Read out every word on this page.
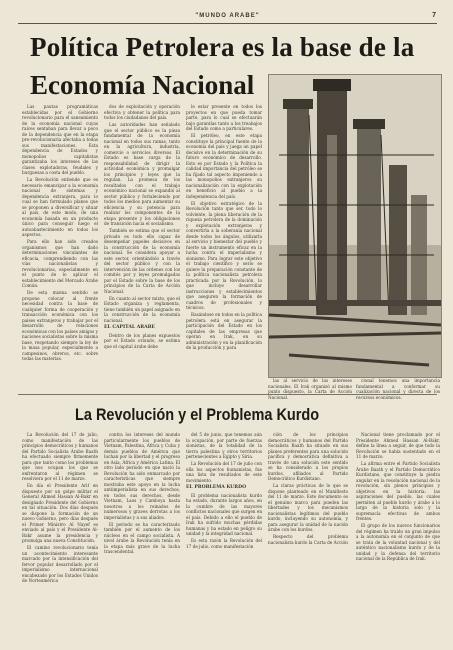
"MUNDO ARABE"	7
Política Petrolera es la base de la
Economía Nacional

Las pautas programáticas establecidas por el Gobierno revolucionario para el saneamiento de la economía nacional cuyas raíces sentaban para llevar a poco de la dependencia que en la etapa pre-revolucionaria afectaba a todas sus manifestaciones. Esta dependencia de Estados y monopolios capitalistas garantizaba los intereses de las clases explotadoras, feudales y burguesas a costa del pueblo.

La Revolución entiende que es necesario emancipar a la economía nacional de sistemas y dependencia extranjera, para lo cual se han formulado planes que se proponen a diversificar y situar al país, de este modo, de una economía basada en un producto único para conseguir luego el autoabastecimiento en todos los aspectos.

Para ello han sido creados organismos que han dado determinaciones vinculantes de eficacia, comprendiendo con las vías nacionalistas y revolucionarias, especialmente en el punto de lo aplicar el establecimiento del Mercado Árabe Común.

De esta misma sentido se propone colocar al frente necesidad contra la base de cualquier forma de cooperación y transacción económica con los países extranjeros y trabajar por el desarrollo de relaciones económicas con los países amigos y naciones socialistas sobre la misma base, respetando siempre la ley de la masa popular, especialmente a campesinos, obreros, etc. sobre todas las materias.

dos de exploitación y operación efectiva y obtener la política para todos los ciudadanos del país.

Las autoridades han señalado que el sector público es la pieza fundamental de la economía nacional en todos sus ramas, tanto en la agricultura, industria, comercio o servicios diversos. El Estado es base carga de la responsabilidad de dirigir la actividad económica y promulgar los principios y leyes que la regulan. La promesa de los resultados con el trabajo económico nacional se expandió al sector público y fortaleciendo por todos los medios para aumentar su eficiencia y su potencia para realizar los componentes de la etapa presente y los obligaciones de transición hacia el socialismo.

También se estima que el sector privado es todo ello capaz de desempeñar papeles decisivos en la construcción de la economía nacional. Se considera apoyar a este sector, orientándolo a través del sector público y con la intervención de las ordenes con los comités por y leyes promulgadas por el Estado sobre la base de los principios de la Carta de Acción Nacional.

En cuanto al sector mixto, que el Estado organiza y reglamenta, tiene también un papel asignado en la construcción de la economía nacional.

EL CAPITAL ARABE

Dentro de los planes expuestos por el Estado oriundo, se estima que el capital árabe debe

le estar presente en todos los proyectos en que pueda tomar parte, para lo cual se efectuarán bajo garantías tanto a los treabajos del Estado como a particulares.

El petróleo, en este etapa constituye la principal fuente de la economía del país y juega un papel decisivo en la determinación de su futuro económico de desarrollo. Esto es por Estado y la Política la calidad importancia del petróleo se ha fijado tal aspecto imponiendo a las monopolios extranjeros su nacionalización con la explotación en beneficio al pueblo a la independencia del país.

El objetivo estratégico de la Revolución tanto que ser, todo lo volviente, la plena liberación de la riqueza petrolera de la dominación y explotación extranjeras y convertirla a la soberanía nacional desde todos los ángulos, utilizarla al servicio y bienestar del pueblo y fuerte un instrumento eficaz en la lucha contra el imperialismo y sionismo. Para lograr este objetivo el trabajo científico y serio se quiere la preparación constante de la política nacionalista petrolera practicada por la Revolución, lo que incluye desarrollar instrucciones y establecimientos que aseguren la formación de cuadros de profesionales y técnicos.

Basándose en todos en la política petrolera está en asegurar la participación del Estado en los capitales de las empresas que operan en Irak, en su administración y en la planificación de la producción y para

las al servicio de las intereses nacionales. El Irak organizó al mismo punto dispuesto, la Carta de Acción Nacional.

cional tenemos una importancia fundamental a conformar su cualización nacional y directa de los recursos económicos.

La Revolución y el Problema Kurdo

La Revolución del 17 de julio, como manifestación de las principios democráticos y humanos del Partido Socialista Árabe Baath ha efectuado siempre firmemente para que tanto como los problemas que nos ocupan los que se enfrentaron al régimen se resolviera por el 11 de marzo.

En día el Presidente Arif en dispuesto por un golpe militar el General Ahmed Hassan Al-Bakr en designado Presidente del Gobierno en tal situación. Dos días después se dispone la formación de un nuevo Gobierno, pero días después el Primer Ministro Al Nayef es enviado al país y el Presidente Al-Bakr asume la presidencia y promulga una nueva Constitución.

El camino revolucionario tenía un acontecimiento interesante marcado por la intensificación del fervor popular desarrollado por el imperialismo internacional encabezado por los Estados Unidos de Norteamérica

contra los intereses del mundo particularmente los pueblos de Vietnam, Palestina, África y Cuba y demás pueblos de América que luchan por la libertad y el progreso en Asia, África y América Latina. El otro lado periodo en que nació la Revolución ha sido enmarcado por características que siempre mostraba este apoyo en la lucha antiimperialista en sus derechos, en todos sus derechos, desde Vietnam, Laos y Camboya hasta nosotros a los reinados de numerosos y graves derrotas a los imperialistas y a sus aliados.

El periodo se ha caracterizado también por el aumento de los núcleos en el campo socialista. A nivel árabe la Revolución tenía en la etapa más grave de la lucha trascendental.

del 5 de junio, que tenemos aún la ocupación, por parte de fuerzas sionistas, de la totalidad de la tierra palestina y otros territorios pertenecientes a Egipto y Siria.

La Revolución del 17 de julio con ella los aspectos humanistas, fue una lista de resultados de este movimiento.

EL PROBLEMA KURDO

El problema nacionalista kurdo ha estado, durante largos años, en la cumbre de las mayores conflictos nacionales que surgen en el país. Debido a ello el pueblo de Irak ha sufrido muchas pérdidas humanas y ha estado en peligro su unidad y la integridad nacional.

Es esta razón la Revolución del 17 de julio, como manifestación

ción de los principios democráticos y humanos del Partido Socialista Baath ha situado en sus planes preferentes para una solución pacífica y democrática definitiva a través de una solución este sentido se ha considerado a los propios kurdos, afiliados al Partido Democrático Kurdistano.

La claras prácticas de lo que se dispone planteado en el Manifiesto del 11 de marzo. Este documento es el genuino marco para pueden las libertades y los mecanismos nacionalistas legítimos del pueblo kurdo, incluyendo su autonomía, y para asegurar la unidad de la nación árabe con los kurdos.

Respecto del problema nacionalista kurdo la Carta de Acción

Nacional tiene proclamado por el Presidente Ahmed Hassan Al-Bakr, define la línea a seguir, de que todo la Revolución se había sustentado en el 11 de marzo.

La afirma entre el Partido Socialista Árabe Baath y el Partido Democrático Kurdistano, que constituye la piedra angular en la resolución nacional de la revolución, sin plenos principios y objetivos en la historia: las aspiraciones del pueblo, las cuales permiten al pueblo kurdo y árabe a lo largo de la historia solo y la supremacía efectivas de ambos frentes.

El grupo de los nuevos funcionarios del régimen ha traído un gran impulso a la autonomía en el conjunto de que se trata de la voluntad nacional y del auténtico nacionalismo kurdo y de la unidad y la defensa del territorio nacional de la República de Irak.
